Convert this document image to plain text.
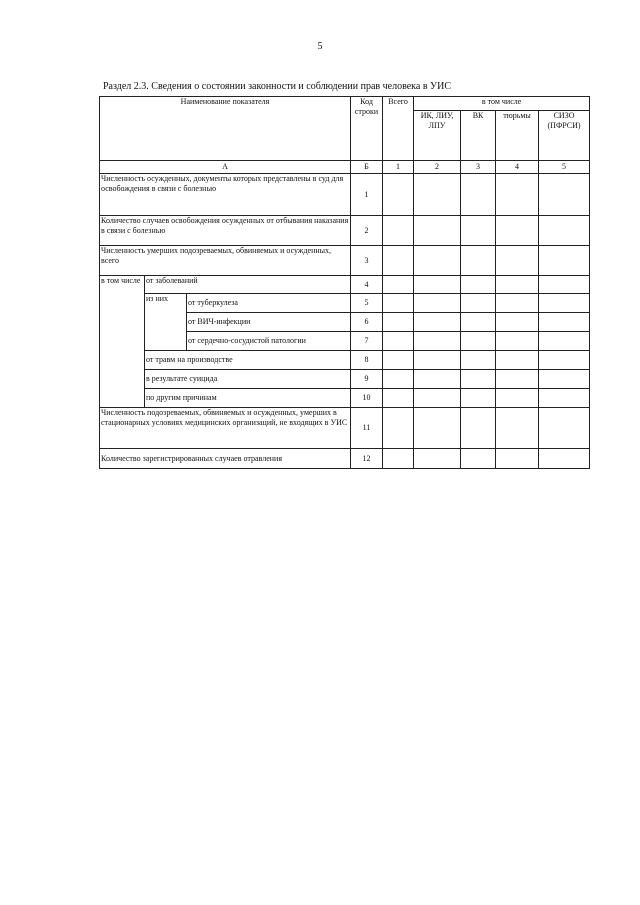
5
Раздел 2.3. Сведения о состоянии законности и соблюдении прав человека в УИС
Наименование показателя			Код строки	Всего	в том числе			
					ИК, ЛИУ, ЛПУ	ВК	тюрьмы	СИЗО (ПФРСИ)
А			Б	1	2	3	4	5
Численность осужденных, документы которых представлены в суд для освобождения в связи с болезнью			1					
Количество случаев освобождения осужденных от отбывания наказания в связи с болезнью			2					
Численность умерших подозреваемых, обвиняемых и осужденных, всего			3					
в том числе	от заболеваний		4					
	из них	от туберкулеза	5					
		от ВИЧ-инфекции	6					
		от сердечно-сосудистой патологии	7					
	от травм на производстве		8					
	в результате суицида		9					
	по другим причинам		10					
Численность подозреваемых, обвиняемых и осужденных, умерших в стационарных условиях медицинских организаций, не входящих в УИС			11					
Количество зарегистрированных случаев отравления			12					
